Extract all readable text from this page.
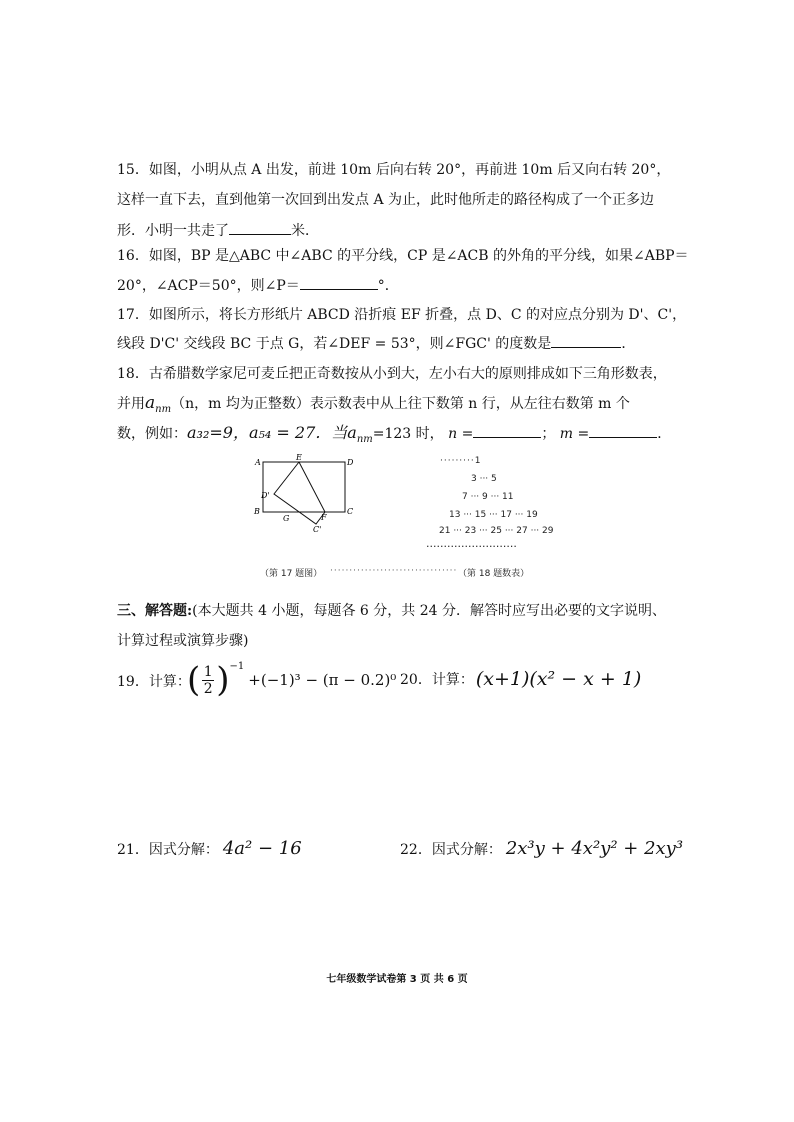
15．如图，小明从点 A 出发，前进 10m 后向右转 20°，再前进 10m 后又向右转 20°，
这样一直下去，直到他第一次回到出发点 A 为止，此时他所走的路径构成了一个正多边
形．小明一共走了	米．
16．如图，BP 是△ABC 中∠ABC 的平分线，CP 是∠ACB 的外角的平分线，如果∠ABP＝
20°，∠ACP＝50°，则∠P＝	°．
17．如图所示，将长方形纸片 ABCD 沿折痕 EF 折叠，点 D、C 的对应点分别为 D'、C'，
线段 D'C' 交线段 BC 于点 G，若∠DEF = 53°，则∠FGC' 的度数是	．
18．古希腊数学家尼可麦丘把正奇数按从小到大，左小右大的原则排成如下三角形数表，
并用$a_{nm}(n$，m 均为正整数）表示数表中从上往下数第 n 行，从左往右数第 m 个
数，例如：a₃₂=9，a₅₄ = 27．当$a_{nm}=123$ 时， n =	； m =	．
A
E
D
D'
B
G	F
C
C'
·········1
3 ··· 5
7 ··· 9 ··· 11
13 ··· 15 ··· 17 ··· 19
21 ··· 23 ··· 25 ··· 27 ··· 29
··························
（第 17 题图） ································· （第 18 题数表）
三、解答题:(本大题共 4 小题，每题各 6 分，共 24 分．解答时应写出必要的文字说明、计算过程或演算步骤)
19．计算：
( 1
2 )$^{-1}$
+(−1)³ − (π − 0.2)⁰ 20．计算： (x+1)(x² − x + 1)
21．因式分解： 4a² − 16	22．因式分解： 2x³y + 4x²y² + 2xy³
七年级数学试卷第 3 页 共 6 页
